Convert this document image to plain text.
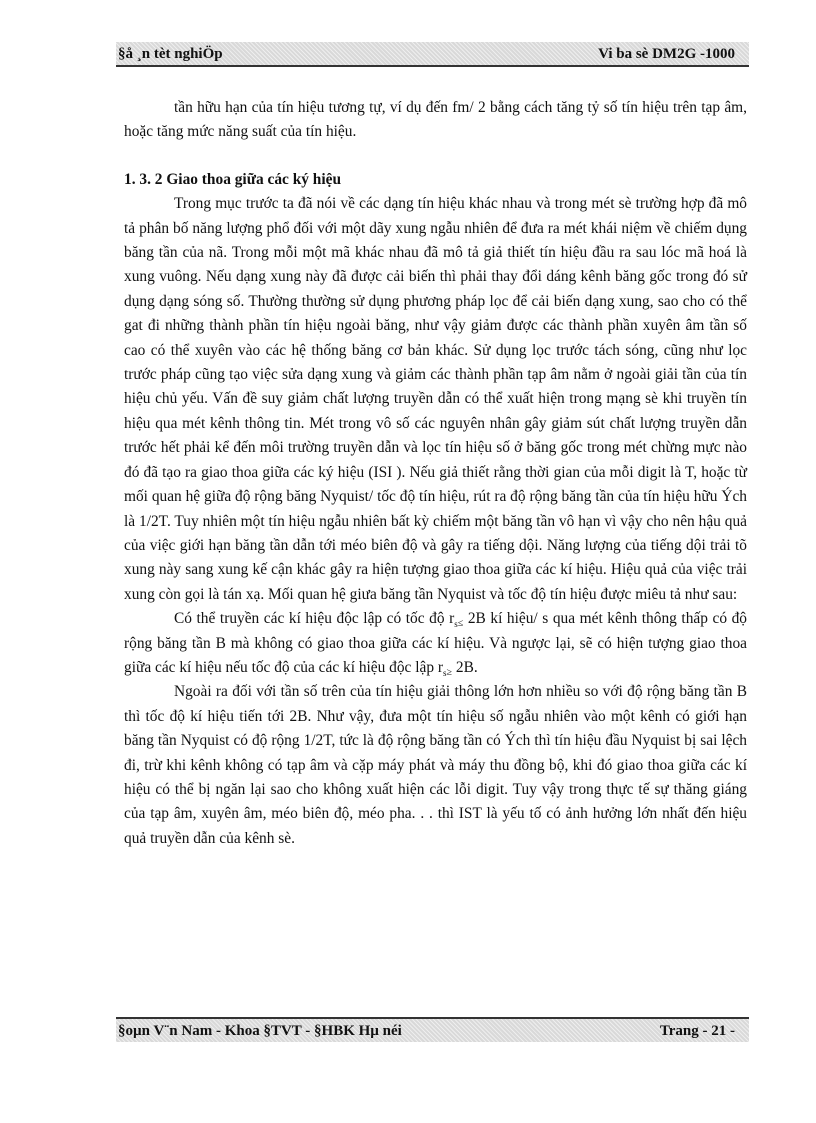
§å ¸n tèt nghiÖp	Vi ba sè DM2G -1000

tần hữu hạn của tín hiệu tương tự, ví dụ đến fm/ 2 bằng cách tăng tỷ số tín hiệu trên tạp âm, hoặc tăng mức năng suất của tín hiệu.

1. 3. 2 Giao thoa giữa các ký hiệu

Trong mục trước ta đã nói về các dạng tín hiệu khác nhau và trong mét sè trường hợp đã mô tả phân bố năng lượng phổ đối với một dãy xung ngẫu nhiên để đưa ra mét khái niệm về chiếm dụng băng tần của nã. Trong mỗi một mã khác nhau đã mô tả giả thiết tín hiệu đầu ra sau lóc mã hoá là xung vuông. Nếu dạng xung này đã được cải biến thì phải thay đổi dáng kênh băng gốc trong đó sử dụng dạng sóng số. Thường thường sử dụng phương pháp lọc để cải biến dạng xung, sao cho có thể gat đi những thành phần tín hiệu ngoài băng, như vậy giảm được các thành phần xuyên âm tần số cao có thể xuyên vào các hệ thống băng cơ bản khác. Sử dụng lọc trước tách sóng, cũng như lọc trước pháp cũng tạo việc sửa dạng xung và giảm các thành phần tạp âm nằm ở ngoài giải tần của tín hiệu chủ yếu. Vấn đề suy giảm chất lượng truyền dẫn có thể xuất hiện trong mạng sè khi truyền tín hiệu qua mét kênh thông tin. Mét trong vô số các nguyên nhân gây giảm sút chất lượng truyền dẫn trước hết phải kể đến môi trường truyền dẫn và lọc tín hiệu số ở băng gốc trong mét chừng mực nào đó đã tạo ra giao thoa giữa các ký hiệu (ISI ). Nếu giả thiết rằng thời gian của mỗi digit là T, hoặc từ mối quan hệ giữa độ rộng băng Nyquist/ tốc độ tín hiệu, rút ra độ rộng băng tần của tín hiệu hữu Ých là 1/2T. Tuy nhiên một tín hiệu ngẫu nhiên bất kỳ chiếm một băng tần vô hạn vì vậy cho nên hậu quả của việc giới hạn băng tần dẫn tới méo biên độ và gây ra tiếng dội. Năng lượng của tiếng dội trải tõ xung này sang xung kế cận khác gây ra hiện tượng giao thoa giữa các kí hiệu. Hiệu quả của việc trải xung còn gọi là tán xạ. Mối quan hệ giưa băng tần Nyquist và tốc độ tín hiệu được miêu tả như sau:

Có thể truyền các kí hiệu độc lập có tốc độ $r_s\le 2B$ kí hiệu/ s qua mét kênh thông thấp có độ rộng băng tần B mà không có giao thoa giữa các kí hiệu. Và ngược lại, sẽ có hiện tượng giao thoa giữa các kí hiệu nếu tốc độ của các kí hiệu độc lập $r_s\ge 2B$.

Ngoài ra đối với tần số trên của tín hiệu giải thông lớn hơn nhiều so với độ rộng băng tần B thì tốc độ kí hiệu tiến tới 2B. Như vậy, đưa một tín hiệu số ngẫu nhiên vào một kênh có giới hạn băng tần Nyquist có độ rộng 1/2T, tức là độ rộng băng tần có Ých thì tín hiệu đầu Nyquist bị sai lệch đi, trừ khi kênh không có tạp âm và cặp máy phát và máy thu đồng bộ, khi đó giao thoa giữa các kí hiệu có thể bị ngăn lại sao cho không xuất hiện các lỗi digit. Tuy vậy trong thực tế sự thăng giáng của tạp âm, xuyên âm, méo biên độ, méo pha. . . thì IST là yếu tố có ảnh hưởng lớn nhất đến hiệu quả truyền dẫn của kênh sè.

§oµn V¨n Nam - Khoa §TVT - §HBK Hµ néi	Trang - 21 -
